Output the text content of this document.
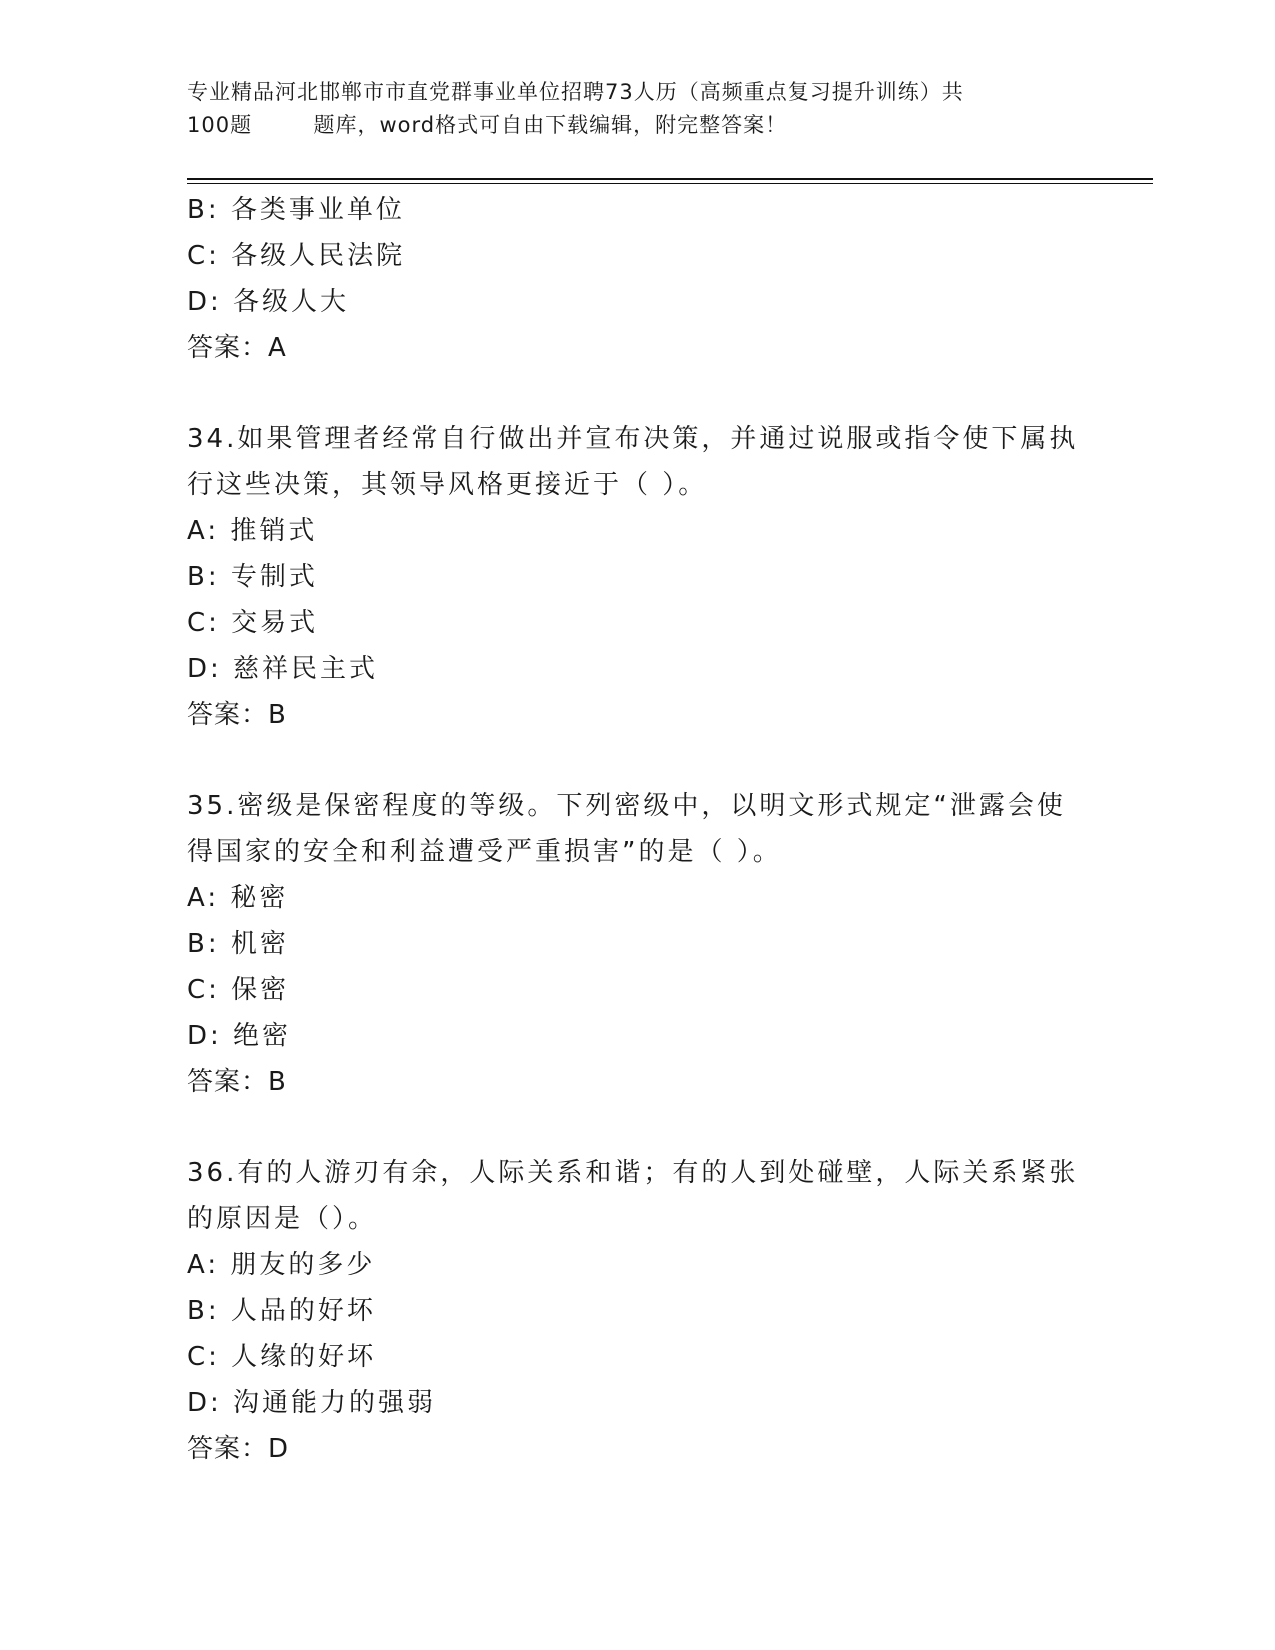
专业精品河北邯郸市市直党群事业单位招聘73人历（高频重点复习提升训练）共
100题        题库，word格式可自由下载编辑，附完整答案！
B: 各类事业单位
C: 各级人民法院
D: 各级人大
答案：A
34.如果管理者经常自行做出并宣布决策，并通过说服或指令使下属执
行这些决策，其领导风格更接近于（ ）。
A: 推销式
B: 专制式
C: 交易式
D: 慈祥民主式
答案：B
35.密级是保密程度的等级。下列密级中，以明文形式规定“泄露会使
得国家的安全和利益遭受严重损害”的是（ ）。
A: 秘密
B: 机密
C: 保密
D: 绝密
答案：B
36.有的人游刃有余，人际关系和谐；有的人到处碰壁，人际关系紧张
的原因是（）。
A: 朋友的多少
B: 人品的好坏
C: 人缘的好坏
D: 沟通能力的强弱
答案：D
